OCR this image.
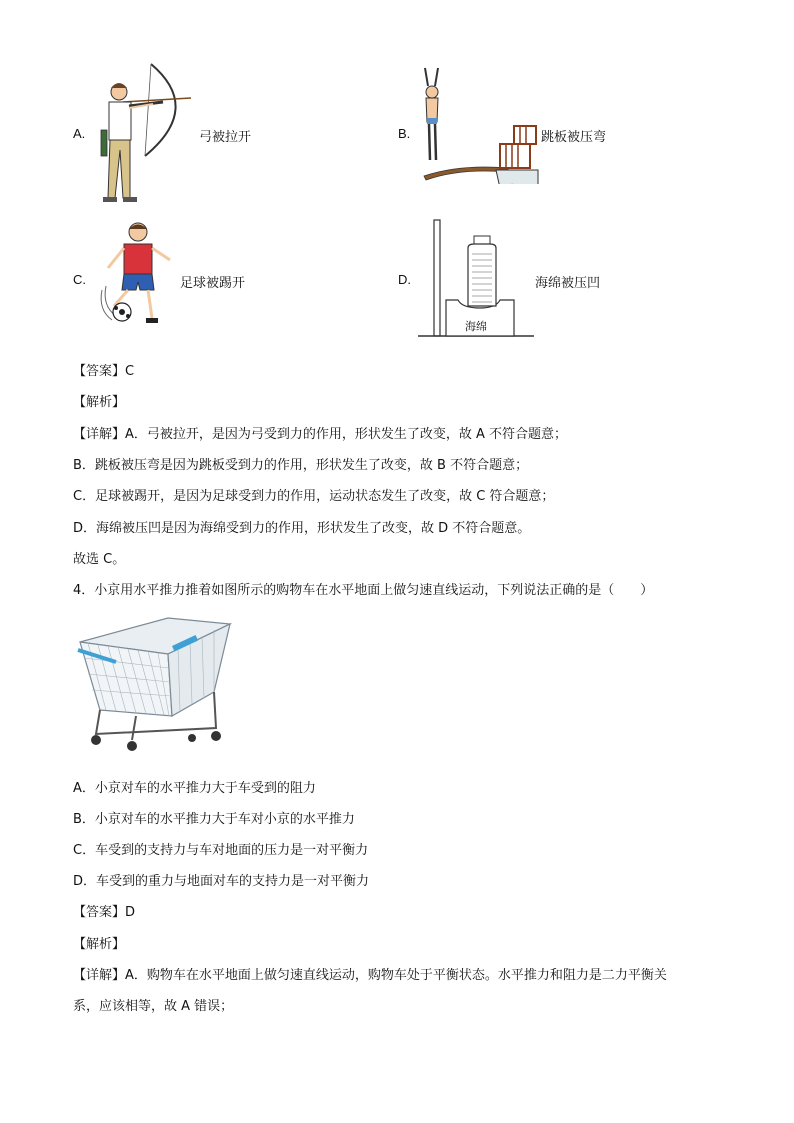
A.	弓被拉开	B.	跳板被压弯
C.	足球被踢开	D.
海绵
海绵被压凹
【答案】C
【解析】
【详解】A．弓被拉开，是因为弓受到力的作用，形状发生了改变，故 A 不符合题意；
B．跳板被压弯是因为跳板受到力的作用，形状发生了改变，故 B 不符合题意；
C．足球被踢开，是因为足球受到力的作用，运动状态发生了改变，故 C 符合题意；
D．海绵被压凹是因为海绵受到力的作用，形状发生了改变，故 D 不符合题意。
故选 C。
4．小京用水平推力推着如图所示的购物车在水平地面上做匀速直线运动，下列说法正确的是（　　）
A．小京对车的水平推力大于车受到的阻力
B．小京对车的水平推力大于车对小京的水平推力
C．车受到的支持力与车对地面的压力是一对平衡力
D．车受到的重力与地面对车的支持力是一对平衡力
【答案】D
【解析】
【详解】A．购物车在水平地面上做匀速直线运动，购物车处于平衡状态。水平推力和阻力是二力平衡关
系，应该相等，故 A 错误；
